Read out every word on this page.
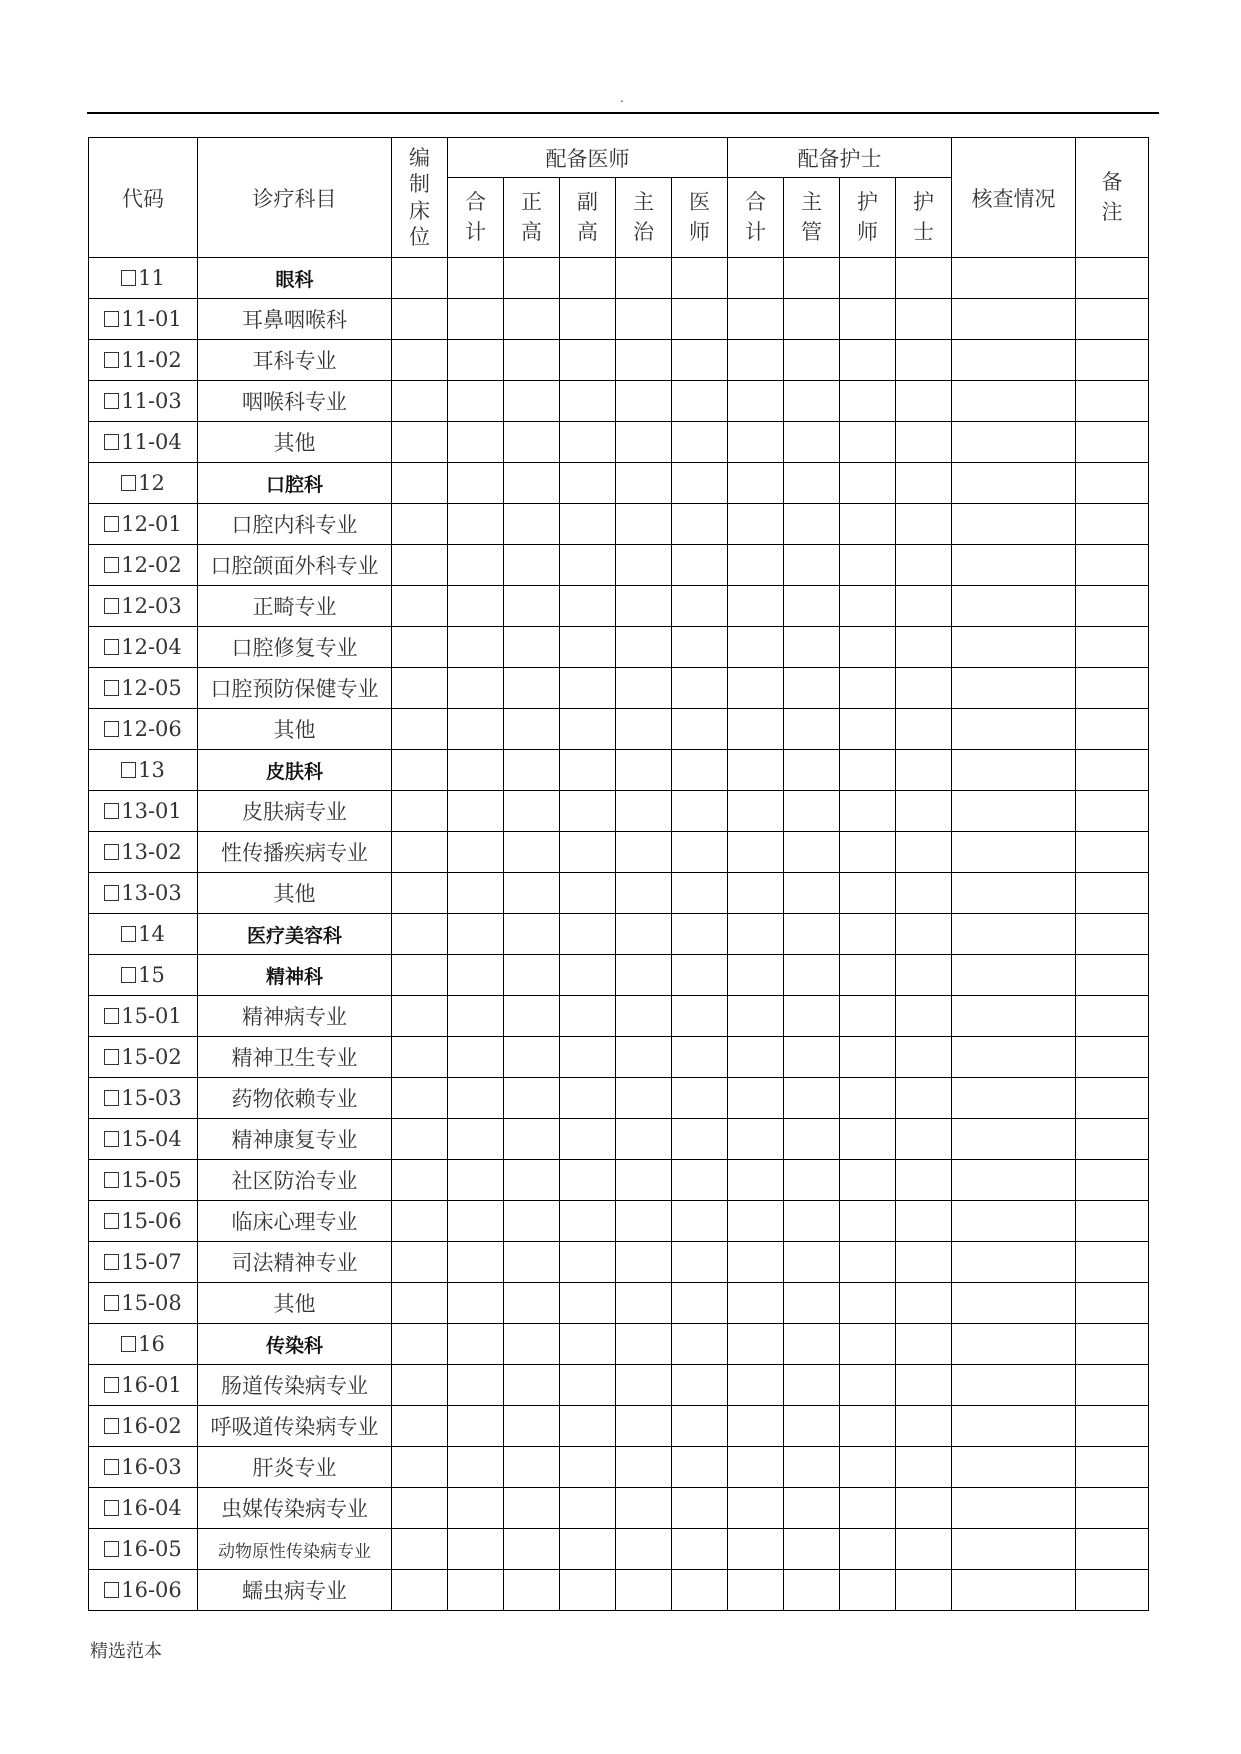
.
代码	诊疗科目	编制床位	配备医师					配备护士				核查情况	备注
			合计	正高	副高	主治	医师	合计	主管	护师	护士		
11	眼科												
11-01	耳鼻咽喉科												
11-02	耳科专业												
11-03	咽喉科专业												
11-04	其他												
12	口腔科												
12-01	口腔内科专业												
12-02	口腔颌面外科专业												
12-03	正畸专业												
12-04	口腔修复专业												
12-05	口腔预防保健专业												
12-06	其他												
13	皮肤科												
13-01	皮肤病专业												
13-02	性传播疾病专业												
13-03	其他												
14	医疗美容科												
15	精神科												
15-01	精神病专业												
15-02	精神卫生专业												
15-03	药物依赖专业												
15-04	精神康复专业												
15-05	社区防治专业												
15-06	临床心理专业												
15-07	司法精神专业												
15-08	其他												
16	传染科												
16-01	肠道传染病专业												
16-02	呼吸道传染病专业												
16-03	肝炎专业												
16-04	虫媒传染病专业												
16-05	动物原性传染病专业												
16-06	蠕虫病专业												
精选范本
